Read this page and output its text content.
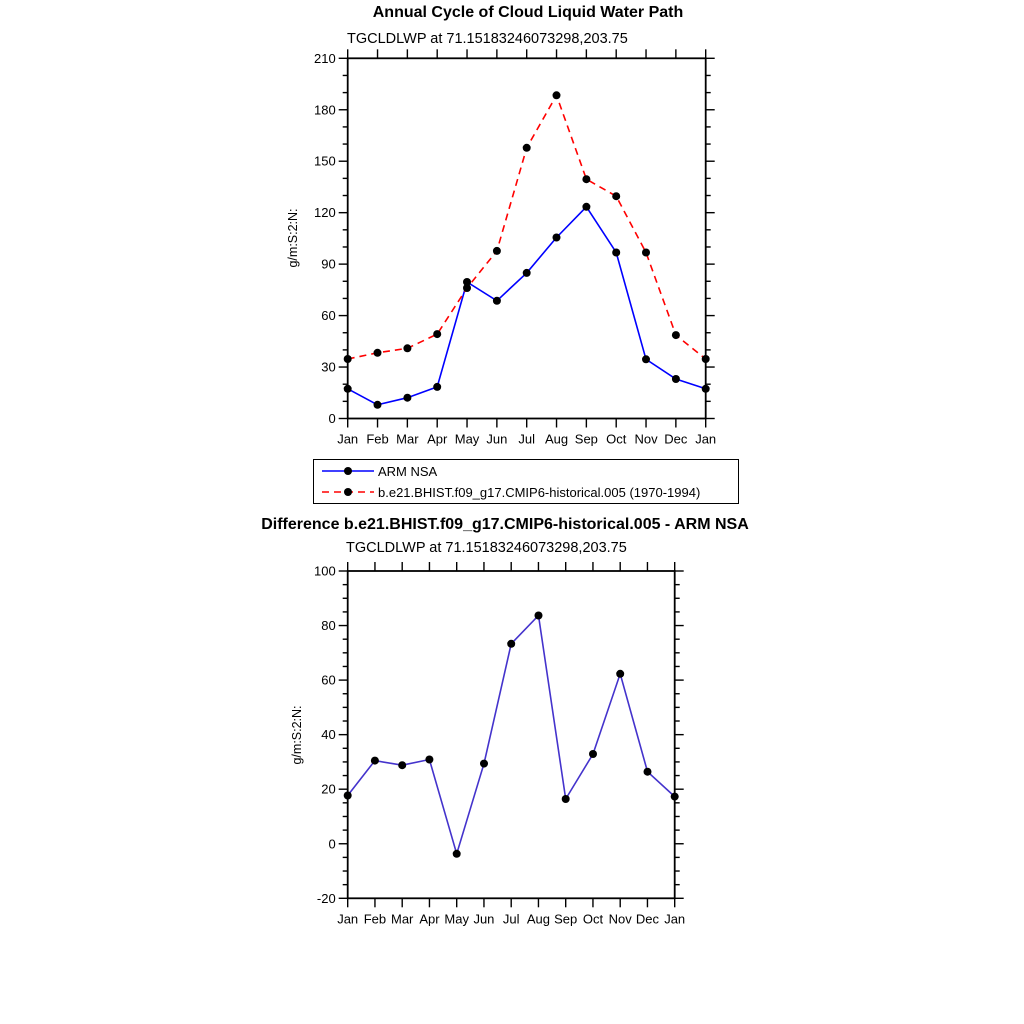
Annual Cycle of Cloud Liquid Water Path
TGCLDLWP at 71.15183246073298,203.75
g/m:S:2:N:
Difference b.e21.BHIST.f09_g17.CMIP6-historical.005 - ARM NSA
TGCLDLWP at 71.15183246073298,203.75
g/m:S:2:N:
Jan Feb Mar Apr May Jun Jul Aug Sep Oct Nov Dec Jan
0
30
60
90
120
150
180
210
Jan Feb Mar Apr May Jun Jul Aug Sep Oct Nov Dec Jan
-20
0
20
40
60
80
100
ARM NSA
b.e21.BHIST.f09_g17.CMIP6-historical.005 (1970-1994)
